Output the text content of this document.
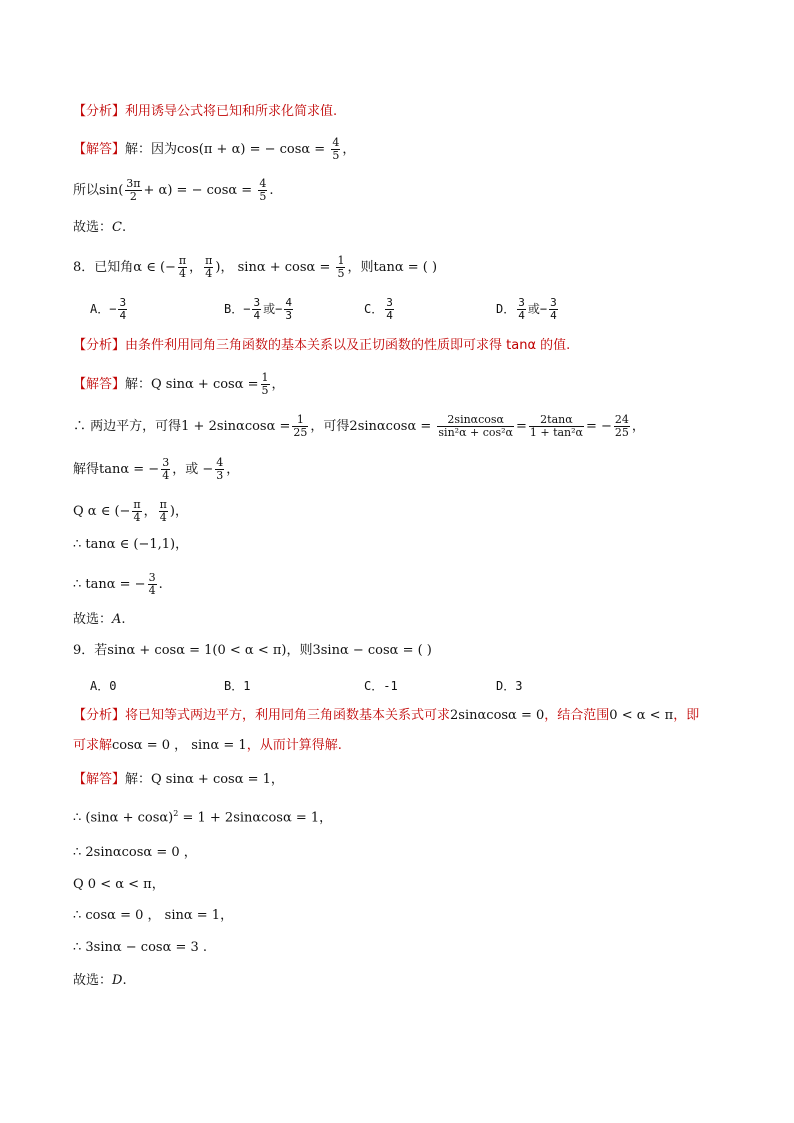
【分析】利用诱导公式将已知和所求化简求值.
【解答】解：因为cos(π + α) = − $\cos\alpha = \frac{4}{5}$ ，
所以$\sin( \frac{3\pi}{2} + \alpha)$ = − $\cos\alpha = \frac{4}{5}$ .
故选：C.
8．已知角α ∈ (− $\frac{\pi}{4}$ ， $\frac{\pi}{4}$ )， $\sin\alpha + \cos\alpha = \frac{1}{5}$ ，则tanα = ( )
A．− $\frac{3}{4}$	B．− $\frac{3}{4}$ 或− $\frac{4}{3}$	C． $\frac{3}{4}$	D． $\frac{3}{4}$ 或− $\frac{3}{4}$
【分析】由条件利用同角三角函数的基本关系以及正切函数的性质即可求得 tanα 的值.
【解答】解：Q $\sin\alpha + \cos\alpha = \frac{1}{5}$ ，
∴ 两边平方，可得$1 + 2\sin\alpha\cos\alpha = \frac{1}{25}$ ，可得$2\sin\alpha\cos\alpha = \frac{2\sin\alpha\cos\alpha}{\text{sin²α + cos²α}} = \frac{2\tan\alpha}{\text{1 + tan²α}}$ = − $\frac{24}{25}$ ，
解得tanα = − $\frac{3}{4}$ ，或 − $\frac{4}{3}$ ，
Q α ∈ (− $\frac{\pi}{4}$ ， $\frac{\pi}{4}$ )，
∴ tanα ∈ (−1,1)，
∴ tanα = − $\frac{3}{4}$ .
故选：A.
9．若sinα + cosα = 1(0 < α < π)，则3sinα − cosα = ( )
A．0	B．1	C．-1	D．3
【分析】将已知等式两边平方，利用同角三角函数基本关系式可求2sinαcosα = 0，结合范围0 < α < π，即
可求解cosα = 0 ， sinα = 1，从而计算得解.
【解答】解：Q sinα + cosα = 1，
∴ $(\sin\alpha + \cos\alpha)^2 = 1 + 2\sin\alpha\cos\alpha = 1$，
∴ 2sinαcosα = 0 ，
Q 0 < α < π，
∴ cosα = 0 ， sinα = 1，
∴ 3sinα − cosα = 3 .
故选：D.
